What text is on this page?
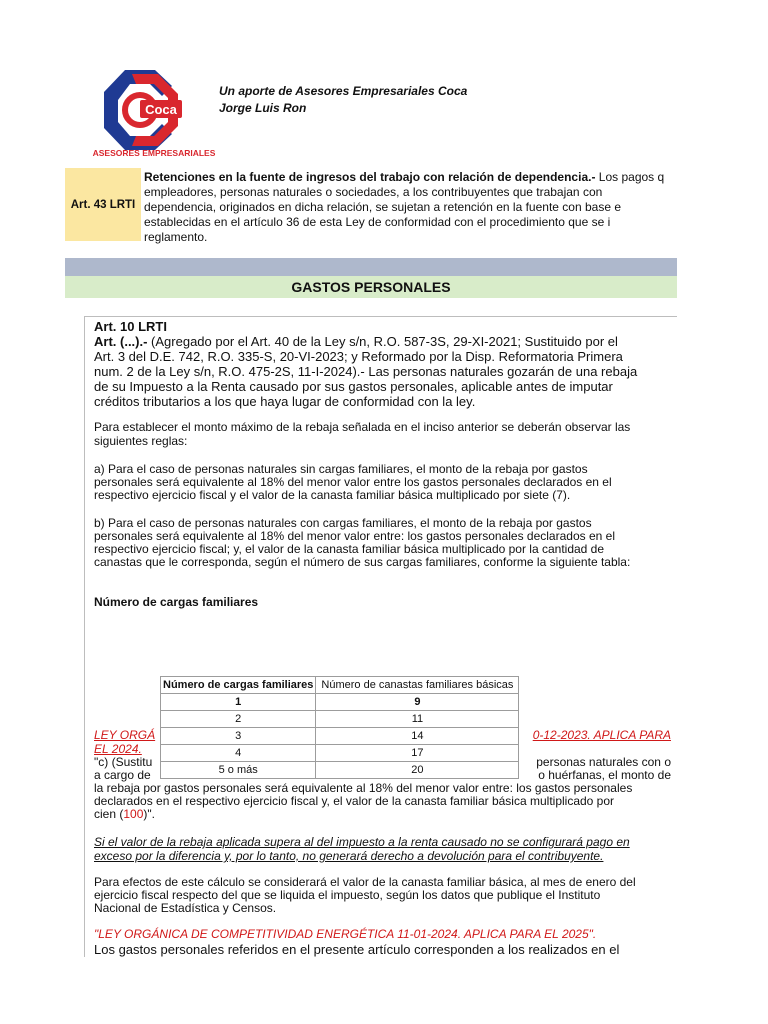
Coca
ASESORES EMPRESARIALES
Un aporte de Asesores Empresariales Coca
Jorge Luis Ron
Art. 43 LRTI
Retenciones en la fuente de ingresos del trabajo con relación de dependencia.- Los pagos q
empleadores, personas naturales o sociedades, a los contribuyentes que trabajan con
dependencia, originados en dicha relación, se sujetan a retención en la fuente con base e
establecidas en el artículo 36 de esta Ley de conformidad con el procedimiento que se i
reglamento.
GASTOS PERSONALES
Art. 10 LRTI
Art. (...).- (Agregado por el Art. 40 de la Ley s/n, R.O. 587-3S, 29-XI-2021; Sustituido por el
Art. 3 del D.E. 742, R.O. 335-S, 20-VI-2023; y Reformado por la Disp. Reformatoria Primera
num. 2 de la Ley s/n, R.O. 475-2S, 11-I-2024).- Las personas naturales gozarán de una rebaja
de su Impuesto a la Renta causado por sus gastos personales, aplicable antes de imputar
créditos tributarios a los que haya lugar de conformidad con la ley.
Para establecer el monto máximo de la rebaja señalada en el inciso anterior se deberán observar las
siguientes reglas:
a) Para el caso de personas naturales sin cargas familiares, el monto de la rebaja por gastos
personales será equivalente al 18% del menor valor entre los gastos personales declarados en el
respectivo ejercicio fiscal y el valor de la canasta familiar básica multiplicado por siete (7).
b) Para el caso de personas naturales con cargas familiares, el monto de la rebaja por gastos
personales será equivalente al 18% del menor valor entre: los gastos personales declarados en el
respectivo ejercicio fiscal; y, el valor de la canasta familiar básica multiplicado por la cantidad de
canastas que le corresponda, según el número de sus cargas familiares, conforme la siguiente tabla:
Número de cargas familiares
LEY ORGÁ	0-12-2023. APLICA PARA
EL 2024.
"c) (Sustitu	personas naturales con o
a cargo de	o huérfanas, el monto de
la rebaja por gastos personales será equivalente al 18% del menor valor entre: los gastos personales
declarados en el respectivo ejercicio fiscal y, el valor de la canasta familiar básica multiplicado por
cien (100)".
Si el valor de la rebaja aplicada supera al del impuesto a la renta causado no se configurará pago en
exceso por la diferencia y, por lo tanto, no generará derecho a devolución para el contribuyente.
Para efectos de este cálculo se considerará el valor de la canasta familiar básica, al mes de enero del
ejercicio fiscal respecto del que se liquida el impuesto, según los datos que publique el Instituto
Nacional de Estadística y Censos.
"LEY ORGÁNICA DE COMPETITIVIDAD ENERGÉTICA 11-01-2024. APLICA PARA EL 2025".
Los gastos personales referidos en el presente artículo corresponden a los realizados en el
Número de cargas familiares	Número de canastas familiares básicas
1	9
2	11
3	14
4	17
5 o más	20
